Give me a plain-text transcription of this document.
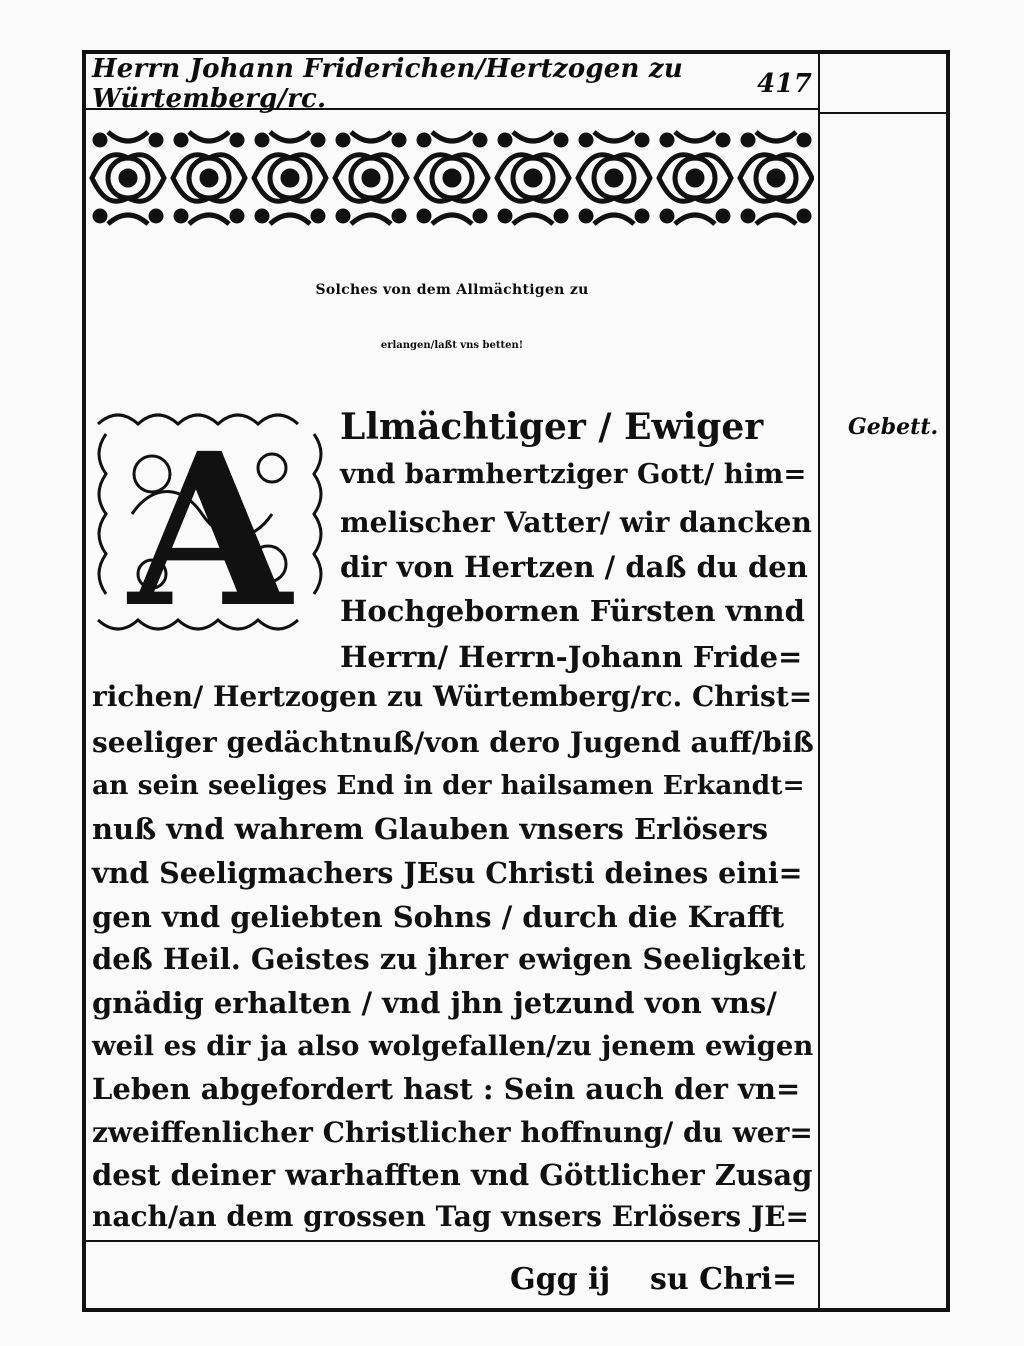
Herrn Johann Friderichen/Hertzogen zu Würtemberg/rc.	417
Solches von dem Allmächtigen zu
erlangen/laßt vns betten!
A	Gebett.
Llmächtiger / Ewiger
vnd barmhertziger Gott/ him=
melischer Vatter/ wir dancken
dir von Hertzen / daß du den
Hochgebornen Fürsten vnnd
Herrn/ Herrn-Johann Fride=
richen/ Hertzogen zu Würtemberg/rc. Christ=
seeliger gedächtnuß/von dero Jugend auff/biß
an sein seeliges End in der hailsamen Erkandt=
nuß vnd wahrem Glauben vnsers Erlösers
vnd Seeligmachers JEsu Christi deines eini=
gen vnd geliebten Sohns / durch die Krafft
deß Heil. Geistes zu jhrer ewigen Seeligkeit
gnädig erhalten / vnd jhn jetzund von vns/
weil es dir ja also wolgefallen/zu jenem ewigen
Leben abgefordert hast : Sein auch der vn=
zweiffenlicher Christlicher hoffnung/ du wer=
dest deiner warhafften vnd Göttlicher Zusag
nach/an dem grossen Tag vnsers Erlösers JE=
Ggg ij su Chri=
